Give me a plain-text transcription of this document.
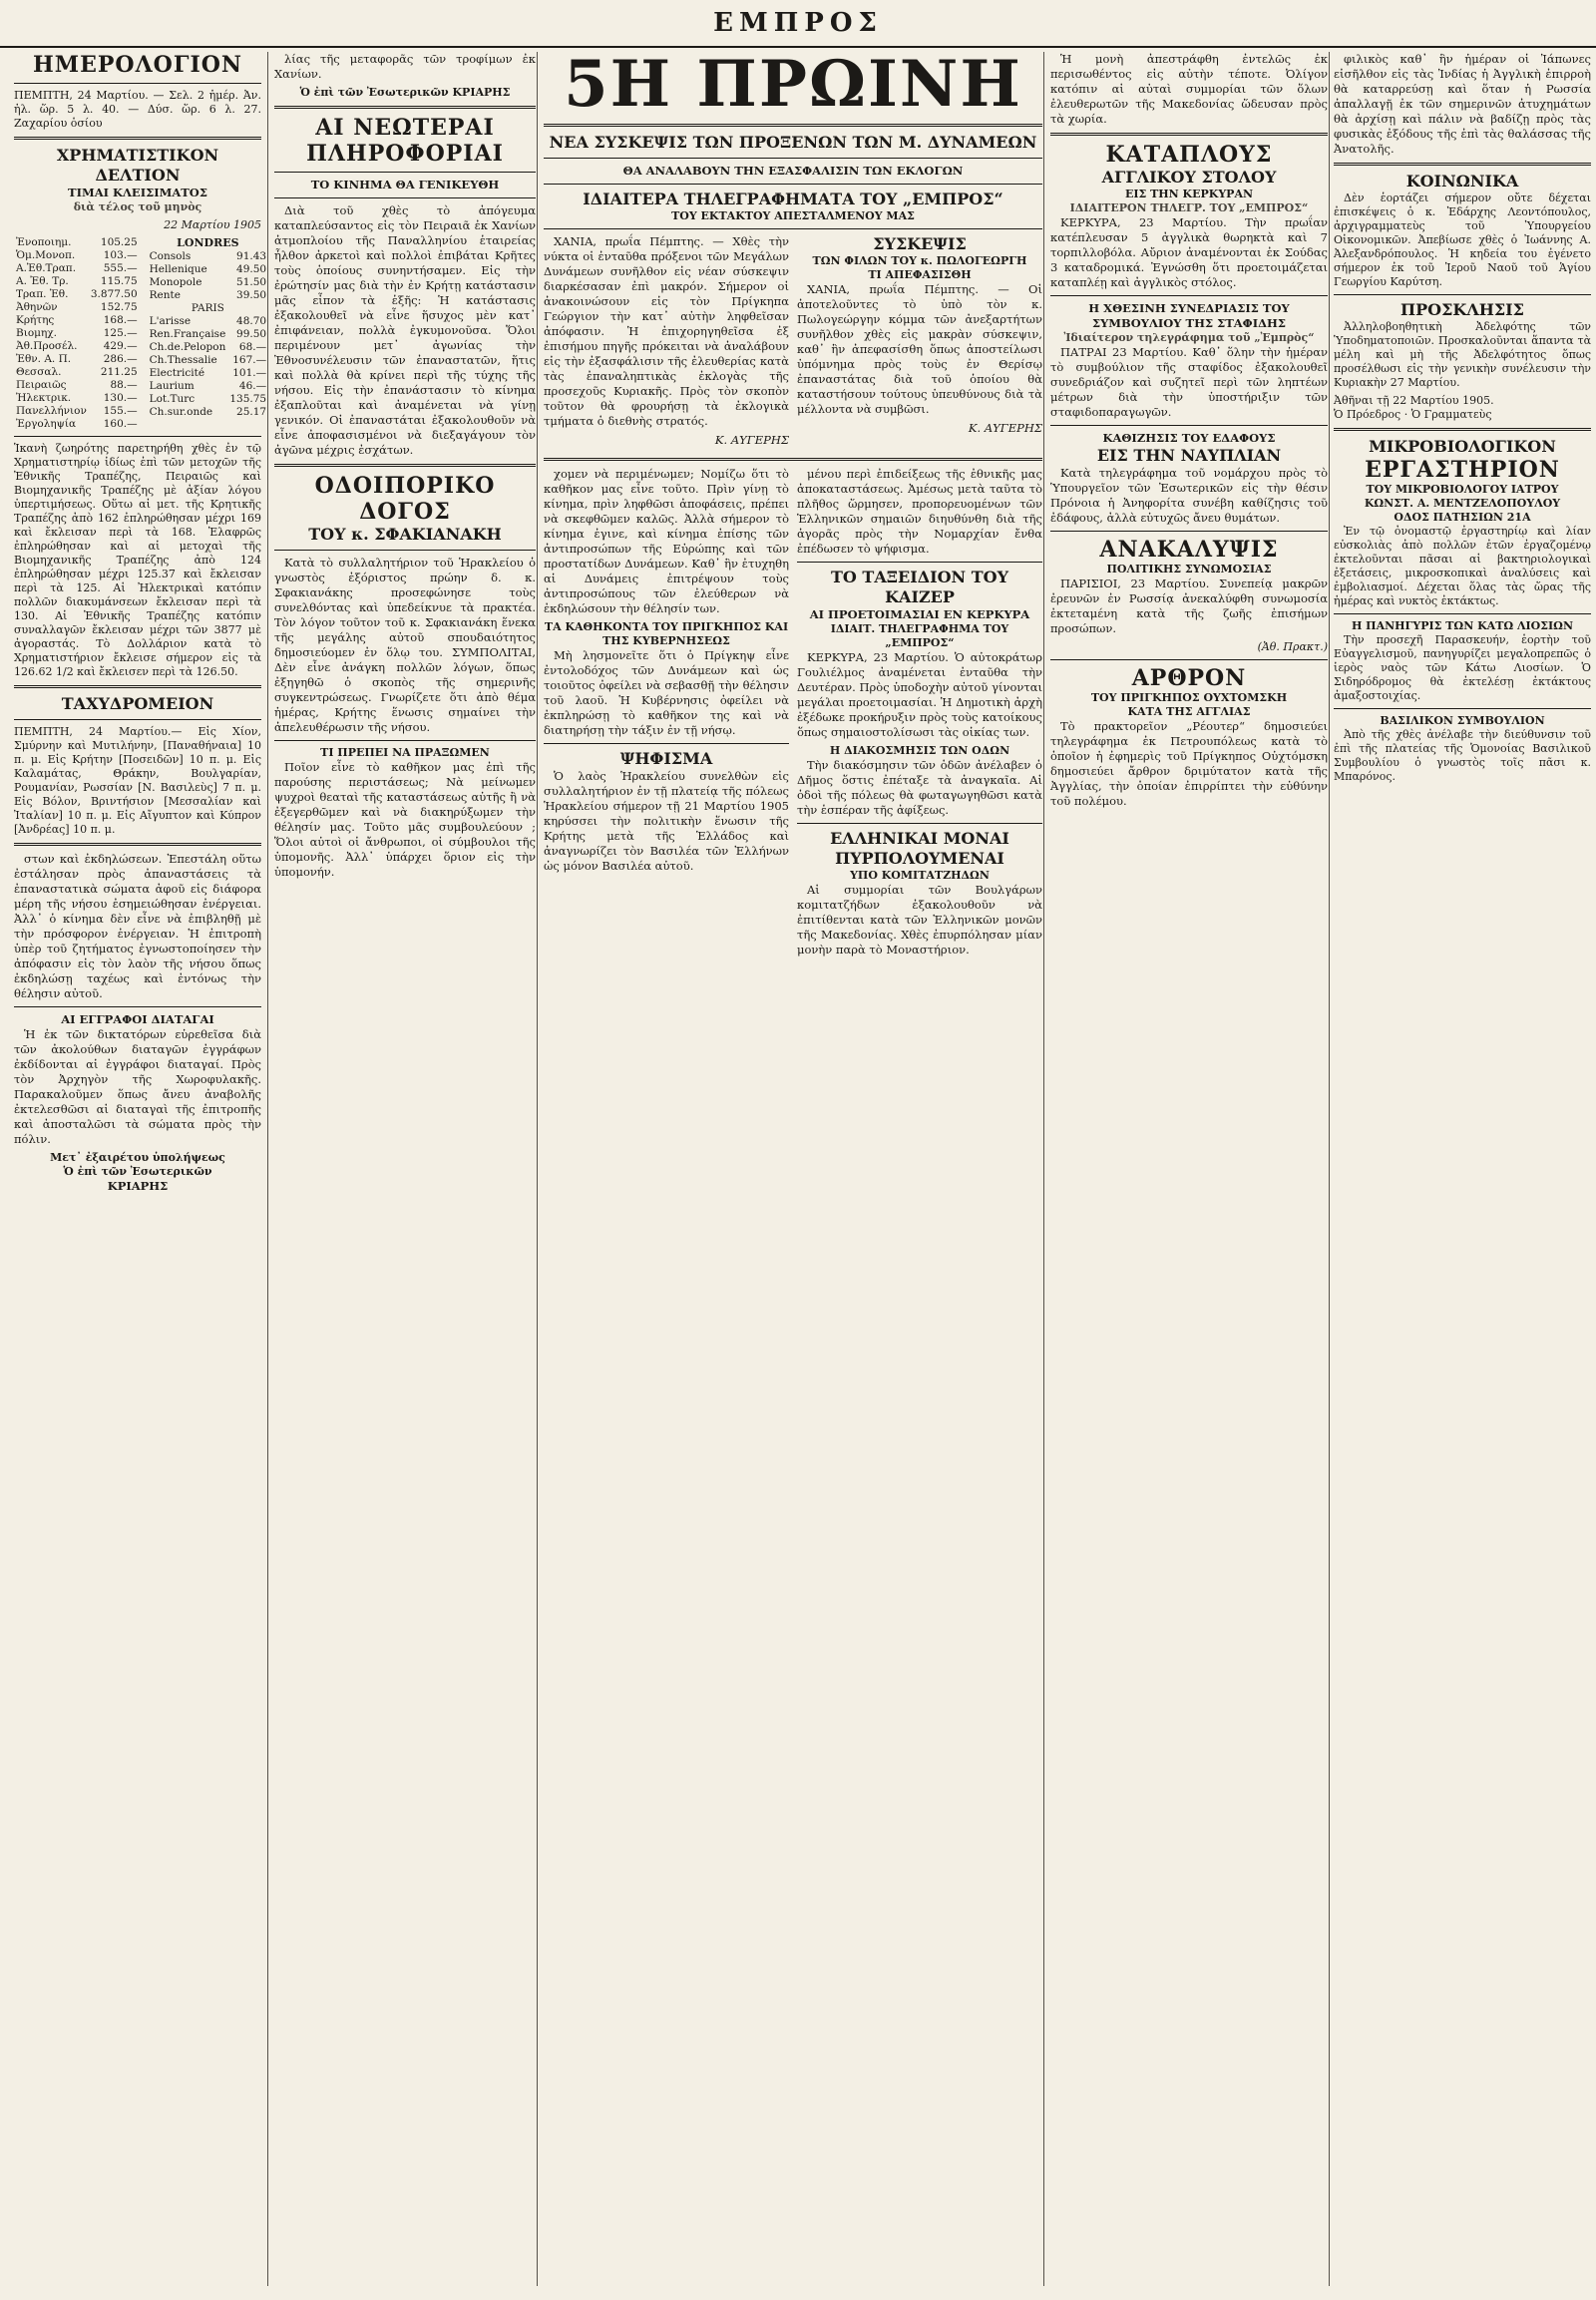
ΕΜΠΡΟΣ
ΗΜΕΡΟΛΟΓΙΟΝ
ΠΕΜΠΤΗ, 24 Μαρτίου. — Σελ. 2 ἡμέρ. Ἀν. ἡλ. ὥρ. 5 λ. 40. — Δύσ. ὥρ. 6 λ. 27. Ζαχαρίου ὁσίου
ΧΡΗΜΑΤΙΣΤΙΚΟΝ ΔΕΛΤΙΟΝ
ΤΙΜΑΙ ΚΛΕΙΣΙΜΑΤΟΣ
διὰ τέλος τοῦ μηνὸς
22 Μαρτίου 1905
Ἐνοποιημ.	105.25
Ὁμ.Μονοπ.	103.—
Α.Ἐθ.Τραπ.	555.—
Α. Ἐθ. Τρ.	115.75
Τραπ. Ἐθ.	3.877.50
Ἀθηνῶν	152.75
Κρήτης	168.—
Βιομηχ.	125.—
Ἀθ.Προσέλ.	429.—
Ἐθν. Α. Π.	286.—
Θεσσαλ.	211.25
Πειραιῶς	88.—
Ἠλεκτρικ.	130.—
Πανελλήνιον	155.—
Ἐργοληψία	160.—
LONDRES
Consols	91.43
Hellenique	49.50
Monopole	51.50
Rente	39.50
PARIS	
L'arisse	48.70
Ren.Française	99.50
Ch.de.Pelopon	68.—
Ch.Thessalie	167.—
Electricité	101.—
Laurium	46.—
Lot.Turc	135.75
Ch.sur.onde	25.17
Ἱκανὴ ζωηρότης παρετηρήθη χθὲς ἐν τῷ Χρηματιστηρίῳ ἰδίως ἐπὶ τῶν μετοχῶν τῆς Ἐθνικῆς Τραπέζης, Πειραιῶς καὶ Βιομηχανικῆς Τραπέζης μὲ ἀξίαν λόγου ὑπερτιμήσεως. Οὕτω αἱ μετ. τῆς Κρητικῆς Τραπέζης ἀπὸ 162 ἐπληρώθησαν μέχρι 169 καὶ ἔκλεισαν περὶ τὰ 168. Ἐλαφρῶς ἐπληρώθησαν καὶ αἱ μετοχαὶ τῆς Βιομηχανικῆς Τραπέζης ἀπὸ 124 ἐπληρώθησαν μέχρι 125.37 καὶ ἔκλεισαν περὶ τὰ 125. Αἱ Ἠλεκτρικαὶ κατόπιν πολλῶν διακυμάνσεων ἔκλεισαν περὶ τὰ 130. Αἱ Ἐθνικῆς Τραπέζης κατόπιν συναλλαγῶν ἔκλεισαν μέχρι τῶν 3877 μὲ ἀγοραστάς. Τὸ Δολλάριον κατὰ τὸ Χρηματιστήριον ἔκλεισε σήμερον εἰς τὰ 126.62 1/2 καὶ ἔκλεισεν περὶ τὰ 126.50.
ΤΑΧΥΔΡΟΜΕΙΟΝ
ΠΕΜΠΤΗ, 24 Μαρτίου.— Εἰς Χίον, Σμύρνην καὶ Μυτιλήνην, [Παναθήναια] 10 π. μ. Εἰς Κρήτην [Ποσειδῶν] 10 π. μ. Εἰς Καλαμάτας, Θράκην, Βουλγαρίαν, Ρουμανίαν, Ρωσσίαν [Ν. Βασιλεὺς] 7 π. μ. Εἰς Βόλον, Βριντήσιον [Μεσσαλίαν καὶ Ἰταλίαν] 10 π. μ. Εἰς Αἴγυπτον καὶ Κύπρον [Ἀνδρέας] 10 π. μ.

στων καὶ ἐκδηλώσεων. Ἐπεστάλη οὕτω ἐστάλησαν πρὸς ἀπαναστάσεις τὰ ἐπαναστατικὰ σώματα ἀφοῦ εἰς διάφορα μέρη τῆς νήσου ἐσημειώθησαν ἐνέργειαι. Ἀλλ᾽ ὁ κίνημα δὲν εἶνε νὰ ἐπιβληθῇ μὲ τὴν πρόσφορον ἐνέργειαν. Ἡ ἐπιτροπὴ ὑπὲρ τοῦ ζητήματος ἐγνωστοποίησεν τὴν ἀπόφασιν εἰς τὸν λαὸν τῆς νήσου ὅπως ἐκδηλώσῃ ταχέως καὶ ἐντόνως τὴν θέλησιν αὐτοῦ.

ΑΙ ΕΓΓΡΑΦΟΙ ΔΙΑΤΑΓΑΙ

Ἡ ἐκ τῶν δικτατόρων εὑρεθεῖσα διὰ τῶν ἀκολούθων διαταγῶν ἐγγράφων ἐκδίδονται αἱ ἐγγράφοι διαταγαί. Πρὸς τὸν Ἀρχηγὸν τῆς Χωροφυλακῆς. Παρακαλοῦμεν ὅπως ἄνευ ἀναβολῆς ἐκτελεσθῶσι αἱ διαταγαὶ τῆς ἐπιτροπῆς καὶ ἀποσταλῶσι τὰ σώματα πρὸς τὴν πόλιν.

Μετ᾽ ἐξαιρέτου ὑπολήψεως
Ὁ ἐπὶ τῶν Ἐσωτερικῶν
ΚΡΙΑΡΗΣ

λίας τῆς μεταφορᾶς τῶν τροφίμων ἐκ Χανίων.

Ὁ ἐπὶ τῶν Ἐσωτερικῶν ΚΡΙΑΡΗΣ
ΑΙ ΝΕΩΤΕΡΑΙ
ΠΛΗΡΟΦΟΡΙΑΙ
ΤΟ ΚΙΝΗΜΑ ΘΑ ΓΕΝΙΚΕΥΘΗ

Διὰ τοῦ χθὲς τὸ ἀπόγευμα καταπλεύσαντος εἰς τὸν Πειραιᾶ ἐκ Χανίων ἀτμοπλοίου τῆς Παναλληνίου ἑταιρείας ἦλθον ἀρκετοὶ καὶ πολλοὶ ἐπιβάται Κρῆτες τοὺς ὁποίους συνηντήσαμεν. Εἰς τὴν ἐρώτησίν μας διὰ τὴν ἐν Κρήτῃ κατάστασιν μᾶς εἶπον τὰ ἑξῆς: Ἡ κατάστασις ἐξακολουθεῖ νὰ εἶνε ἥσυχος μὲν κατ᾽ ἐπιφάνειαν, πολλὰ ἐγκυμονοῦσα. Ὅλοι περιμένουν μετ᾽ ἀγωνίας τὴν Ἐθνοσυνέλευσιν τῶν ἐπαναστατῶν, ἥτις καὶ πολλὰ θὰ κρίνει περὶ τῆς τύχης τῆς νήσου. Εἰς τὴν ἐπανάστασιν τὸ κίνημα ἐξαπλοῦται καὶ ἀναμένεται νὰ γίνῃ γενικόν. Οἱ ἐπαναστάται ἐξακολουθοῦν νὰ εἶνε ἀποφασισμένοι νὰ διεξαγάγουν τὸν ἀγῶνα μέχρις ἐσχάτων.

ΟΔΟΙΠΟΡΙΚΟ ΔΟΓΟΣ
ΤΟΥ κ. ΣΦΑΚΙΑΝΑΚΗ

Κατὰ τὸ συλλαλητήριον τοῦ Ἡρακλείου ὁ γνωστὸς ἐξόριστος πρώην δ. κ. Σφακιανάκης προσεφώνησε τοὺς συνελθόντας καὶ ὑπεδείκνυε τὰ πρακτέα. Τὸν λόγον τοῦτον τοῦ κ. Σφακιανάκη ἕνεκα τῆς μεγάλης αὐτοῦ σπουδαιότητος δημοσιεύομεν ἐν ὅλῳ του. ΣΥΜΠΟΛΙΤΑΙ, Δὲν εἶνε ἀνάγκη πολλῶν λόγων, ὅπως ἐξηγηθῶ ὁ σκοπὸς τῆς σημερινῆς συγκεντρώσεως. Γνωρίζετε ὅτι ἀπὸ θέμα ἡμέρας, Κρήτης ἕνωσις σημαίνει τὴν ἀπελευθέρωσιν τῆς νήσου.

ΤΙ ΠΡΕΠΕΙ ΝΑ ΠΡΑΞΩΜΕΝ

Ποῖον εἶνε τὸ καθῆκον μας ἐπὶ τῆς παρούσης περιστάσεως; Νὰ μείνωμεν ψυχροὶ θεαταὶ τῆς καταστάσεως αὐτῆς ἢ νὰ ἐξεγερθῶμεν καὶ νὰ διακηρύξωμεν τὴν θέλησίν μας. Τοῦτο μᾶς συμβουλεύουν ; Ὅλοι αὐτοὶ οἱ ἄνθρωποι, οἱ σύμβουλοι τῆς ὑπομονῆς. Ἀλλ᾽ ὑπάρχει ὅριον εἰς τὴν ὑπομονήν.

5Η ΠΡΩΙΝΗ
ΝΕΑ ΣΥΣΚΕΨΙΣ ΤΩΝ ΠΡΟΞΕΝΩΝ ΤΩΝ Μ. ΔΥΝΑΜΕΩΝ
ΘΑ ΑΝΑΛΑΒΟΥΝ ΤΗΝ ΕΞΑΣΦΑΛΙΣΙΝ ΤΩΝ ΕΚΛΟΓΩΝ
ΙΔΙΑΙΤΕΡΑ ΤΗΛΕΓΡΑΦΗΜΑΤΑ ΤΟΥ „ΕΜΠΡΟΣ“
ΤΟΥ ΕΚΤΑΚΤΟΥ ΑΠΕΣΤΑΛΜΕΝΟΥ ΜΑΣ

ΧΑΝΙΑ, πρωΐα Πέμπτης. — Χθὲς τὴν νύκτα οἱ ἐνταῦθα πρόξενοι τῶν Μεγάλων Δυνάμεων συνῆλθον εἰς νέαν σύσκεψιν διαρκέσασαν ἐπὶ μακρόν. Σήμερον οἱ ἀνακοινώσουν εἰς τὸν Πρίγκηπα Γεώργιον τὴν κατ᾽ αὐτὴν ληφθεῖσαν ἀπόφασιν. Ἡ ἐπιχορηγηθεῖσα ἐξ ἐπισήμου πηγῆς πρόκειται νὰ ἀναλάβουν εἰς τὴν ἐξασφάλισιν τῆς ἐλευθερίας κατὰ τὰς ἐπαναληπτικὰς ἐκλογὰς τῆς προσεχοῦς Κυριακῆς. Πρὸς τὸν σκοπὸν τοῦτον θὰ φρουρήσῃ τὰ ἐκλογικὰ τμήματα ὁ διεθνὴς στρατός.

Κ. ΑΥΓΕΡΗΣ
ΣΥΣΚΕΨΙΣ
ΤΩΝ ΦΙΛΩΝ ΤΟΥ κ. ΠΩΛΟΓΕΩΡΓΗ
ΤΙ ΑΠΕΦΑΣΙΣΘΗ

ΧΑΝΙΑ, πρωΐα Πέμπτης. — Οἱ ἀποτελοῦντες τὸ ὑπὸ τὸν κ. Πωλογεώργην κόμμα τῶν ἀνεξαρτήτων συνῆλθον χθὲς εἰς μακρὰν σύσκεψιν, καθ᾽ ἣν ἀπεφασίσθη ὅπως ἀποστείλωσι ὑπόμνημα πρὸς τοὺς ἐν Θερίσῳ ἐπαναστάτας διὰ τοῦ ὁποίου θὰ καταστήσουν τούτους ὑπευθύνους διὰ τὰ μέλλοντα νὰ συμβῶσι.

Κ. ΑΥΓΕΡΗΣ

χομεν νὰ περιμένωμεν; Νομίζω ὅτι τὸ καθῆκον μας εἶνε τοῦτο. Πρὶν γίνῃ τὸ κίνημα, πρὶν ληφθῶσι ἀποφάσεις, πρέπει νὰ σκεφθῶμεν καλῶς. Ἀλλὰ σήμερον τὸ κίνημα ἐγινε, καὶ κίνημα ἐπίσης τῶν ἀντιπροσώπων τῆς Εὐρώπης καὶ τῶν προστατίδων Δυνάμεων. Καθ᾽ ἣν ἐτυχηθη αἱ Δυνάμεις ἐπιτρέψουν τοὺς ἀντιπροσώπους τῶν ἐλεύθερων νὰ ἐκδηλώσουν τὴν θέλησίν των.

ΤΑ ΚΑΘΗΚΟΝΤΑ ΤΟΥ ΠΡΙΓΚΗΠΟΣ ΚΑΙ ΤΗΣ ΚΥΒΕΡΝΗΣΕΩΣ

Μὴ λησμονεῖτε ὅτι ὁ Πρίγκηψ εἶνε ἐντολοδόχος τῶν Δυνάμεων καὶ ὡς τοιοῦτος ὀφείλει νὰ σεβασθῇ τὴν θέλησιν τοῦ λαοῦ. Ἡ Κυβέρνησις ὀφείλει νὰ ἐκπληρώσῃ τὸ καθῆκον της καὶ νὰ διατηρήσῃ τὴν τάξιν ἐν τῇ νήσῳ.

ΨΗΦΙΣΜΑ

Ὁ λαὸς Ἡρακλείου συνελθὼν εἰς συλλαλητήριον ἐν τῇ πλατείᾳ τῆς πόλεως Ἡρακλείου σήμερον τῇ 21 Μαρτίου 1905 κηρύσσει τὴν πολιτικὴν ἕνωσιν τῆς Κρήτης μετὰ τῆς Ἑλλάδος καὶ ἀναγνωρίζει τὸν Βασιλέα τῶν Ἑλλήνων ὡς μόνον Βασιλέα αὐτοῦ.

μένου περὶ ἐπιδείξεως τῆς ἐθνικῆς μας ἀποκαταστάσεως. Ἀμέσως μετὰ ταῦτα τὸ πλῆθος ὥρμησεν, προπορευομένων τῶν Ἑλληνικῶν σημαιῶν διηυθύνθη διὰ τῆς ἀγορᾶς πρὸς τὴν Νομαρχίαν ἔνθα ἐπέδωσεν τὸ ψήφισμα.

ΤΟ ΤΑΞΕΙΔΙΟΝ ΤΟΥ ΚΑΙΖΕΡ
ΑΙ ΠΡΟΕΤΟΙΜΑΣΙΑΙ ΕΝ ΚΕΡΚΥΡΑ
ΙΔΙΑΙΤ. ΤΗΛΕΓΡΑΦΗΜΑ ΤΟΥ „ΕΜΠΡΟΣ“

ΚΕΡΚΥΡΑ, 23 Μαρτίου. Ὁ αὐτοκράτωρ Γουλιέλμος ἀναμένεται ἐνταῦθα τὴν Δευτέραν. Πρὸς ὑποδοχὴν αὐτοῦ γίνονται μεγάλαι προετοιμασίαι. Ἡ Δημοτικὴ ἀρχὴ ἐξέδωκε προκήρυξιν πρὸς τοὺς κατοίκους ὅπως σημαιοστολίσωσι τὰς οἰκίας των.

Η ΔΙΑΚΟΣΜΗΣΙΣ ΤΩΝ ΟΔΩΝ

Τὴν διακόσμησιν τῶν ὁδῶν ἀνέλαβεν ὁ Δῆμος ὅστις ἐπέταξε τὰ ἀναγκαῖα. Αἱ ὁδοὶ τῆς πόλεως θὰ φωταγωγηθῶσι κατὰ τὴν ἑσπέραν τῆς ἀφίξεως.

ΕΛΛΗΝΙΚΑΙ ΜΟΝΑΙ
ΠΥΡΠΟΛΟΥΜΕΝΑΙ
ΥΠΟ ΚΟΜΙΤΑΤΖΗΔΩΝ

Αἱ συμμορίαι τῶν Βουλγάρων κομιτατζήδων ἐξακολουθοῦν νὰ ἐπιτίθενται κατὰ τῶν Ἑλληνικῶν μονῶν τῆς Μακεδονίας. Χθὲς ἐπυρπόλησαν μίαν μονὴν παρὰ τὸ Μοναστήριον.

Ἡ μονὴ ἀπεστράφθη ἐντελῶς ἐκ περισωθέντος εἰς αὐτὴν τέποτε. Ὀλίγον κατόπιν αἱ αὐταὶ συμμορίαι τῶν ὅλων ἐλευθερωτῶν τῆς Μακεδονίας ὥδευσαν πρὸς τὰ χωρία.

ΚΑΤΑΠΛΟΥΣ
ΑΓΓΛΙΚΟΥ ΣΤΟΛΟΥ
ΕΙΣ ΤΗΝ ΚΕΡΚΥΡΑΝ
ΙΔΙΑΙΤΕΡΟΝ ΤΗΛΕΓΡ. ΤΟΥ „ΕΜΠΡΟΣ“

ΚΕΡΚΥΡΑ, 23 Μαρτίου. Τὴν πρωΐαν κατέπλευσαν 5 ἀγγλικὰ θωρηκτὰ καὶ 7 τορπιλλοβόλα. Αὔριον ἀναμένονται ἐκ Σούδας 3 καταδρομικά. Ἐγνώσθη ὅτι προετοιμάζεται καταπλέῃ καὶ ἀγγλικὸς στόλος.

Η ΧΘΕΣΙΝΗ ΣΥΝΕΔΡΙΑΣΙΣ ΤΟΥ ΣΥΜΒΟΥΛΙΟΥ ΤΗΣ ΣΤΑΦΙΔΗΣ
Ἰδιαίτερον τηλεγράφημα τοῦ „Ἐμπρὸς“

ΠΑΤΡΑΙ 23 Μαρτίου. Καθ᾽ ὅλην τὴν ἡμέραν τὸ συμβούλιον τῆς σταφίδος ἐξακολουθεῖ συνεδριάζον καὶ συζητεῖ περὶ τῶν ληπτέων μέτρων διὰ τὴν ὑποστήριξιν τῶν σταφιδοπαραγωγῶν.

ΚΑΘΙΖΗΣΙΣ ΤΟΥ ΕΔΑΦΟΥΣ
ΕΙΣ ΤΗΝ ΝΑΥΠΛΙΑΝ

Κατὰ τηλεγράφημα τοῦ νομάρχου πρὸς τὸ Ὑπουργεῖον τῶν Ἐσωτερικῶν εἰς τὴν θέσιν Πρόνοια ἡ Ἀνηφορίτα συνέβη καθίζησις τοῦ ἐδάφους, ἀλλὰ εὐτυχῶς ἄνευ θυμάτων.

ΑΝΑΚΑΛΥΨΙΣ
ΠΟΛΙΤΙΚΗΣ ΣΥΝΩΜΟΣΙΑΣ

ΠΑΡΙΣΙΟΙ, 23 Μαρτίου. Συνεπείᾳ μακρῶν ἐρευνῶν ἐν Ρωσσίᾳ ἀνεκαλύφθη συνωμοσία ἐκτεταμένη κατὰ τῆς ζωῆς ἐπισήμων προσώπων.

(Ἀθ. Πρακτ.)
ΑΡΘΡΟΝ
ΤΟΥ ΠΡΙΓΚΗΠΟΣ ΟΥΧΤΟΜΣΚΗ
ΚΑΤΑ ΤΗΣ ΑΓΓΛΙΑΣ

Τὸ πρακτορεῖον „Ρέουτερ“ δημοσιεύει τηλεγράφημα ἐκ Πετρουπόλεως κατὰ τὸ ὁποῖον ἡ ἐφημερὶς τοῦ Πρίγκηπος Οὐχτόμσκη δημοσιεύει ἄρθρον δριμύτατον κατὰ τῆς Ἀγγλίας, τὴν ὁποίαν ἐπιρρίπτει τὴν εὐθύνην τοῦ πολέμου.

φιλικὸς καθ᾽ ἣν ἡμέραν οἱ Ἰάπωνες εἰσῆλθον εἰς τὰς Ἰνδίας ἡ Ἀγγλικὴ ἐπιρροὴ θὰ καταρρεύσῃ καὶ ὅταν ἡ Ρωσσία ἀπαλλαγῇ ἐκ τῶν σημερινῶν ἀτυχημάτων θὰ ἀρχίσῃ καὶ πάλιν νὰ βαδίζῃ πρὸς τὰς φυσικὰς ἐξόδους τῆς ἐπὶ τὰς θαλάσσας τῆς Ἀνατολῆς.

ΚΟΙΝΩΝΙΚΑ

Δὲν ἑορτάζει σήμερον οὔτε δέχεται ἐπισκέψεις ὁ κ. Ἐδάρχης Λεοντόπουλος, ἀρχιγραμματεὺς τοῦ Ὑπουργείου Οἰκονομικῶν. Ἀπεβίωσε χθὲς ὁ Ἰωάννης Α. Ἀλεξανδρόπουλος. Ἡ κηδεία του ἐγένετο σήμερον ἐκ τοῦ Ἰεροῦ Ναοῦ τοῦ Ἁγίου Γεωργίου Καρύτση.

ΠΡΟΣΚΛΗΣΙΣ

Ἀλληλοβοηθητικὴ Ἀδελφότης τῶν Ὑποδηματοποιῶν. Προσκαλοῦνται ἅπαντα τὰ μέλη καὶ μὴ τῆς Ἀδελφότητος ὅπως προσέλθωσι εἰς τὴν γενικὴν συνέλευσιν τὴν Κυριακὴν 27 Μαρτίου.

Ἀθῆναι τῇ 22 Μαρτίου 1905.
Ὁ Πρόεδρος · Ὁ Γραμματεὺς
ΜΙΚΡΟΒΙΟΛΟΓΙΚΟΝ
ΕΡΓΑΣΤΗΡΙΟΝ
ΤΟΥ ΜΙΚΡΟΒΙΟΛΟΓΟΥ ΙΑΤΡΟΥ
ΚΩΝΣΤ. Α. ΜΕΝΤΖΕΛΟΠΟΥΛΟΥ
ΟΔΟΣ ΠΑΤΗΣΙΩΝ 21Α

Ἐν τῷ ὀνομαστῷ ἐργαστηρίῳ καὶ λίαν εὐσκολιὰς ἀπὸ πολλῶν ἐτῶν ἐργαζομένῳ ἐκτελοῦνται πᾶσαι αἱ βακτηριολογικαὶ ἐξετάσεις, μικροσκοπικαὶ ἀναλύσεις καὶ ἐμβολιασμοί. Δέχεται ὅλας τὰς ὥρας τῆς ἡμέρας καὶ νυκτὸς ἐκτάκτως.

Η ΠΑΝΗΓΥΡΙΣ ΤΩΝ ΚΑΤΩ ΛΙΟΣΙΩΝ

Τὴν προσεχῆ Παρασκευήν, ἑορτὴν τοῦ Εὐαγγελισμοῦ, πανηγυρίζει μεγαλοπρεπῶς ὁ ἱερὸς ναὸς τῶν Κάτω Λιοσίων. Ὁ Σιδηρόδρομος θὰ ἐκτελέσῃ ἐκτάκτους ἀμαξοστοιχίας.

ΒΑΣΙΛΙΚΟΝ ΣΥΜΒΟΥΛΙΟΝ

Ἀπὸ τῆς χθὲς ἀνέλαβε τὴν διεύθυνσιν τοῦ ἐπὶ τῆς πλατείας τῆς Ὁμονοίας Βασιλικοῦ Συμβουλίου ὁ γνωστὸς τοῖς πᾶσι κ. Μπαρόνος.
